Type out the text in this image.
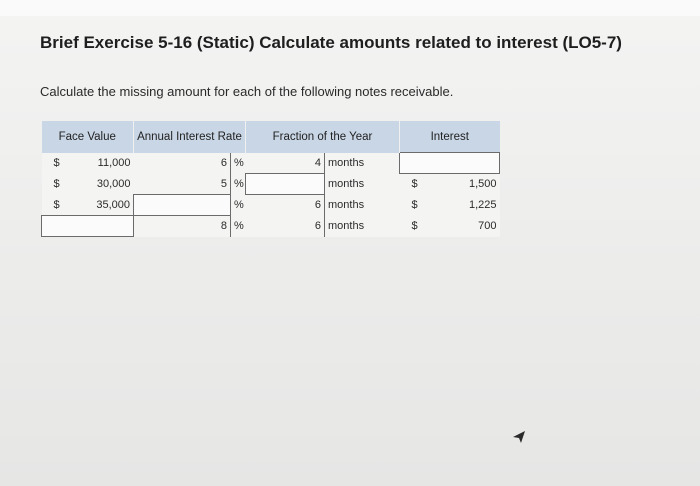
Brief Exercise 5-16 (Static) Calculate amounts related to interest (LO5-7)

Calculate the missing amount for each of the following notes receivable.

Face Value		Annual Interest Rate		Fraction of the Year		Interest	
$	11,000	6	%	4	months		
$	30,000	5	%		months	$	1,500
$	35,000		%	6	months	$	1,225
		8	%	6	months	$	700
